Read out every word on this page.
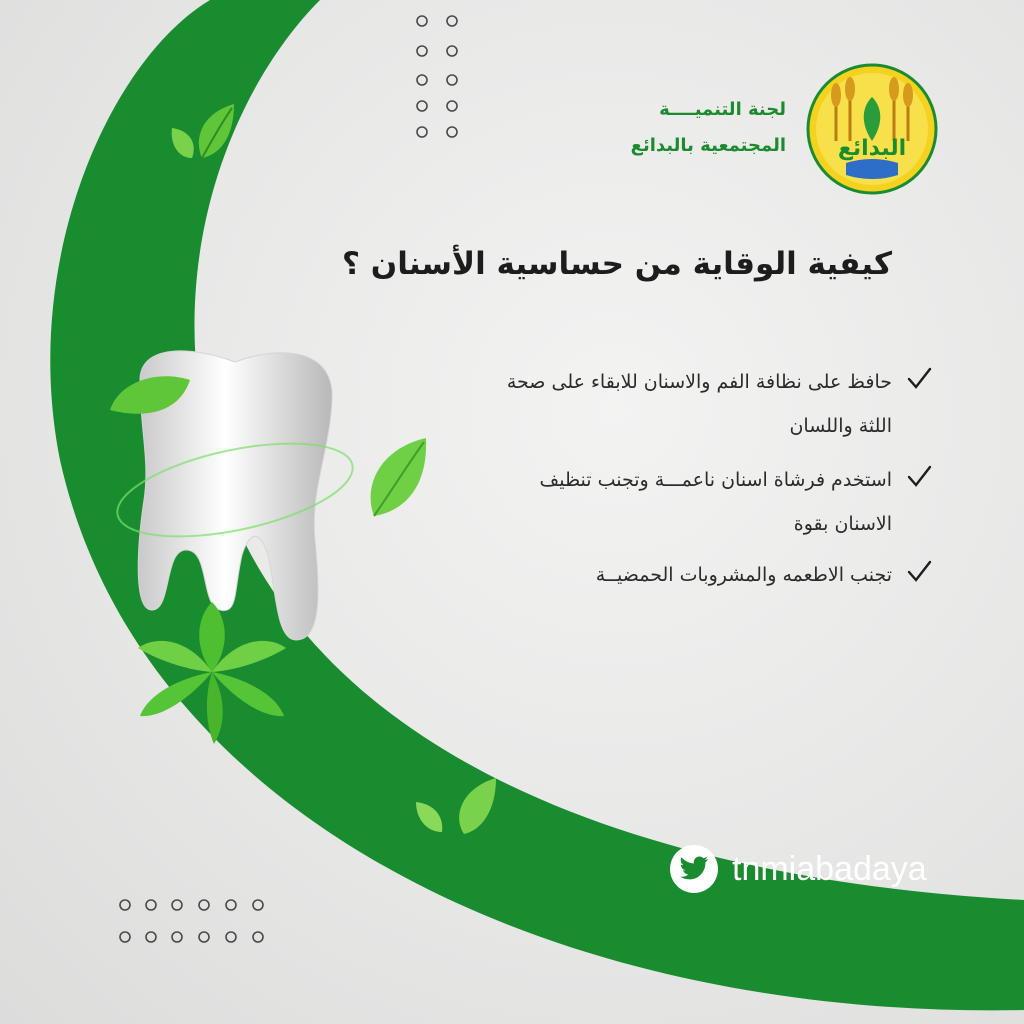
البدائع
لجنة التنميــــة
المجتمعية بالبدائع
كيفية الوقاية من حساسية الأسنان ؟
حافظ على نظافة الفم والاسنان للابقاء على صحة اللثة واللسان
استخدم فرشاة اسنان ناعمـــة وتجنب تنظيف الاسنان بقوة
تجنب الاطعمه والمشروبات الحمضيــة
tnmiabadaya
